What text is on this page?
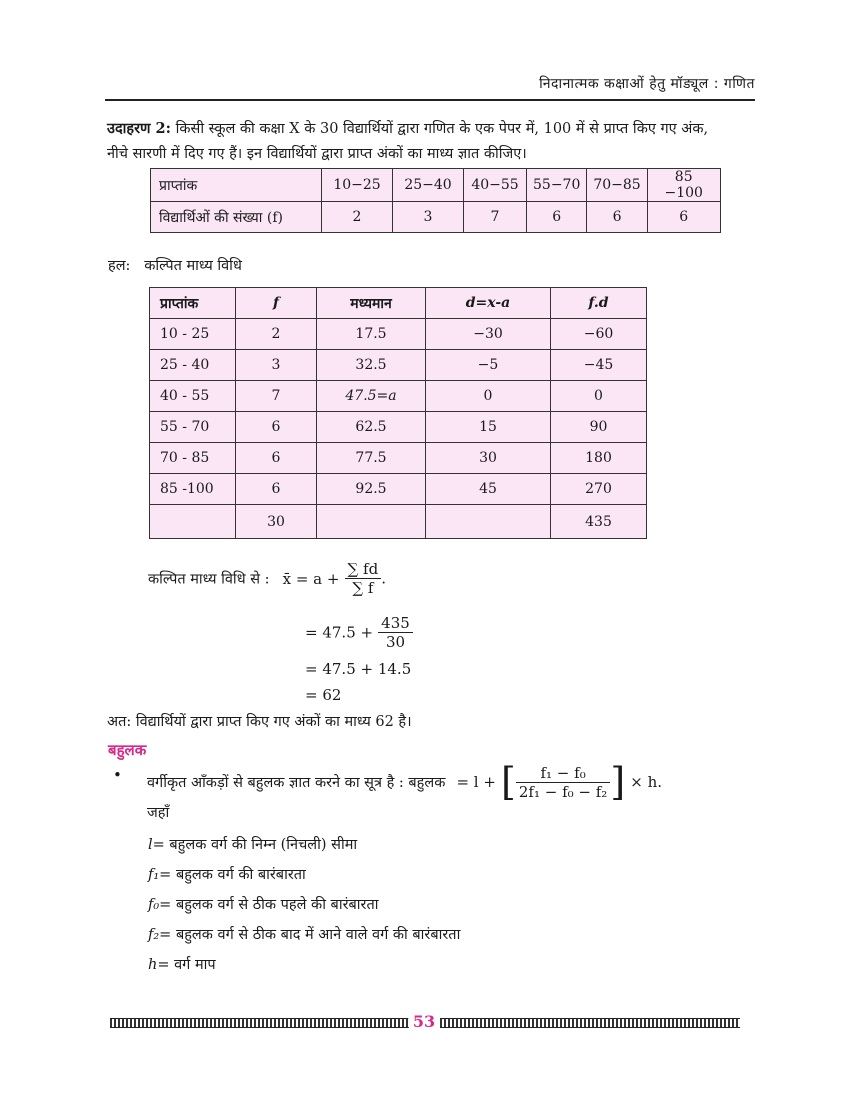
निदानात्मक कक्षाओं हेतु मॉड्यूल : गणित
उदाहरण 2: किसी स्कूल की कक्षा X के 30 विद्यार्थियों द्वारा गणित के एक पेपर में, 100 में से प्राप्त किए गए अंक,
नीचे सारणी में दिए गए हैं। इन विद्यार्थियों द्वारा प्राप्त अंकों का माध्य ज्ञात कीजिए।
प्राप्तांक	10−25	25−40	40−55	55−70	70−85	85 −100
विद्यार्थिओं की संख्या (f)	2	3	7	6	6	6
हल: कल्पित माध्य विधि
प्राप्तांक	f	मध्यमान	d=x-a	f.d
10 - 25	2	17.5	−30	−60
25 - 40	3	32.5	−5	−45
40 - 55	7	47.5=a	0	0
55 - 70	6	62.5	15	90
70 - 85	6	77.5	30	180
85 -100	6	92.5	45	270
	30			435
कल्पित माध्य विधि से : x̄ = $a + \frac{\sum fd}{\sum f}$ .
= $47.5 + \frac{435}{30}$
= 47.5 + 14.5
= 62
अत: विद्यार्थियों द्वारा प्राप्त किए गए अंकों का माध्य 62 है।
बहुलक
• वर्गीकृत आँकड़ों से बहुलक ज्ञात करने का सूत्र है : बहुलक = l + [ $\frac{\text{f₁ − f₀}}{\text{2f₁ − f₀ − f₂}}$ ] × h.
जहाँ
l= बहुलक वर्ग की निम्न (निचली) सीमा
f₁= बहुलक वर्ग की बारंबारता
f₀= बहुलक वर्ग से ठीक पहले की बारंबारता
f₂= बहुलक वर्ग से ठीक बाद में आने वाले वर्ग की बारंबारता
h= वर्ग माप
53
